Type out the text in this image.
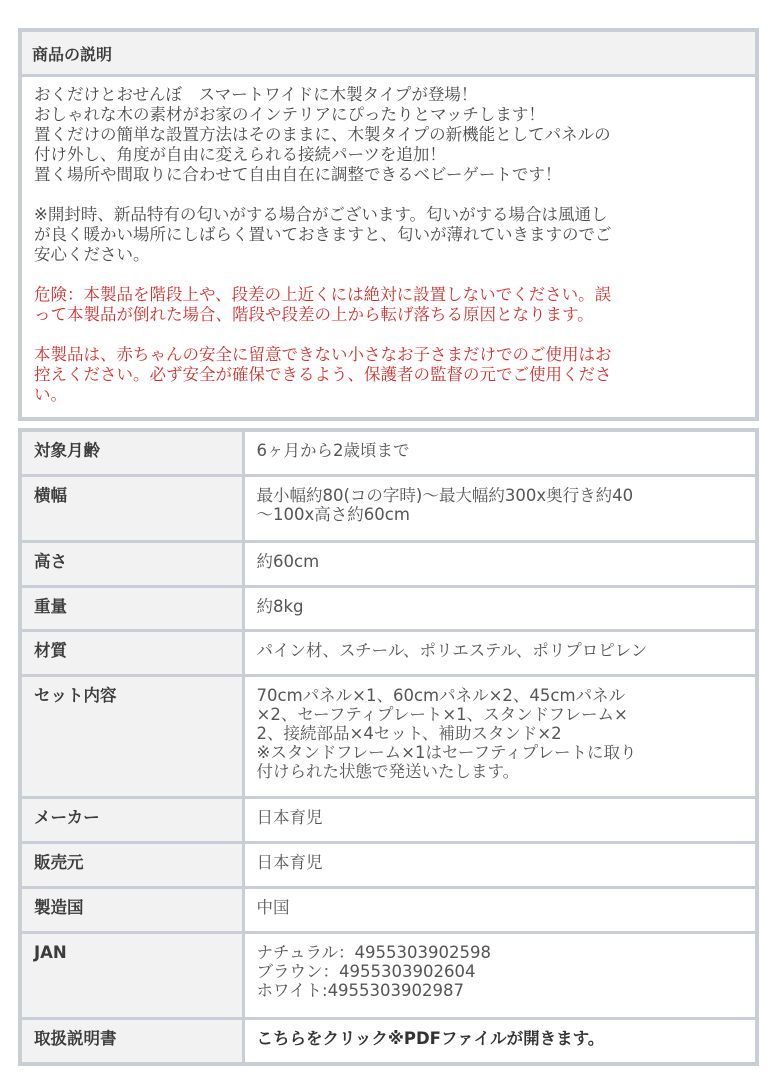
商品の説明

おくだけとおせんぼ　スマートワイドに木製タイプが登場！

おしゃれな木の素材がお家のインテリアにぴったりとマッチします！

置くだけの簡単な設置方法はそのままに、木製タイプの新機能としてパネルの

付け外し、角度が自由に変えられる接続パーツを追加！

置く場所や間取りに合わせて自由自在に調整できるベビーゲートです！

※開封時、新品特有の匂いがする場合がございます。匂いがする場合は風通し

が良く暖かい場所にしばらく置いておきますと、匂いが薄れていきますのでご

安心ください。

危険：本製品を階段上や、段差の上近くには絶対に設置しないでください。誤

って本製品が倒れた場合、階段や段差の上から転げ落ちる原因となります。

本製品は、赤ちゃんの安全に留意できない小さなお子さまだけでのご使用はお

控えください。必ず安全が確保できるよう、保護者の監督の元でご使用くださ

い。

対象月齢	6ヶ月から2歳頃まで
横幅	最小幅約80(コの字時)～最大幅約300x奥行き約40
～100x高さ約60cm
高さ	約60cm
重量	約8kg
材質	パイン材、スチール、ポリエステル、ポリプロピレン
セット内容	70cmパネル×1、60cmパネル×2、45cmパネル
×2、セーフティプレート×1、スタンドフレーム×
2、接続部品×4セット、補助スタンド×2
※スタンドフレーム×1はセーフティプレートに取り
付けられた状態で発送いたします。
メーカー	日本育児
販売元	日本育児
製造国	中国
JAN	ナチュラル：4955303902598
ブラウン：4955303902604
ホワイト:4955303902987
取扱説明書	こちらをクリック※PDFファイルが開きます。
